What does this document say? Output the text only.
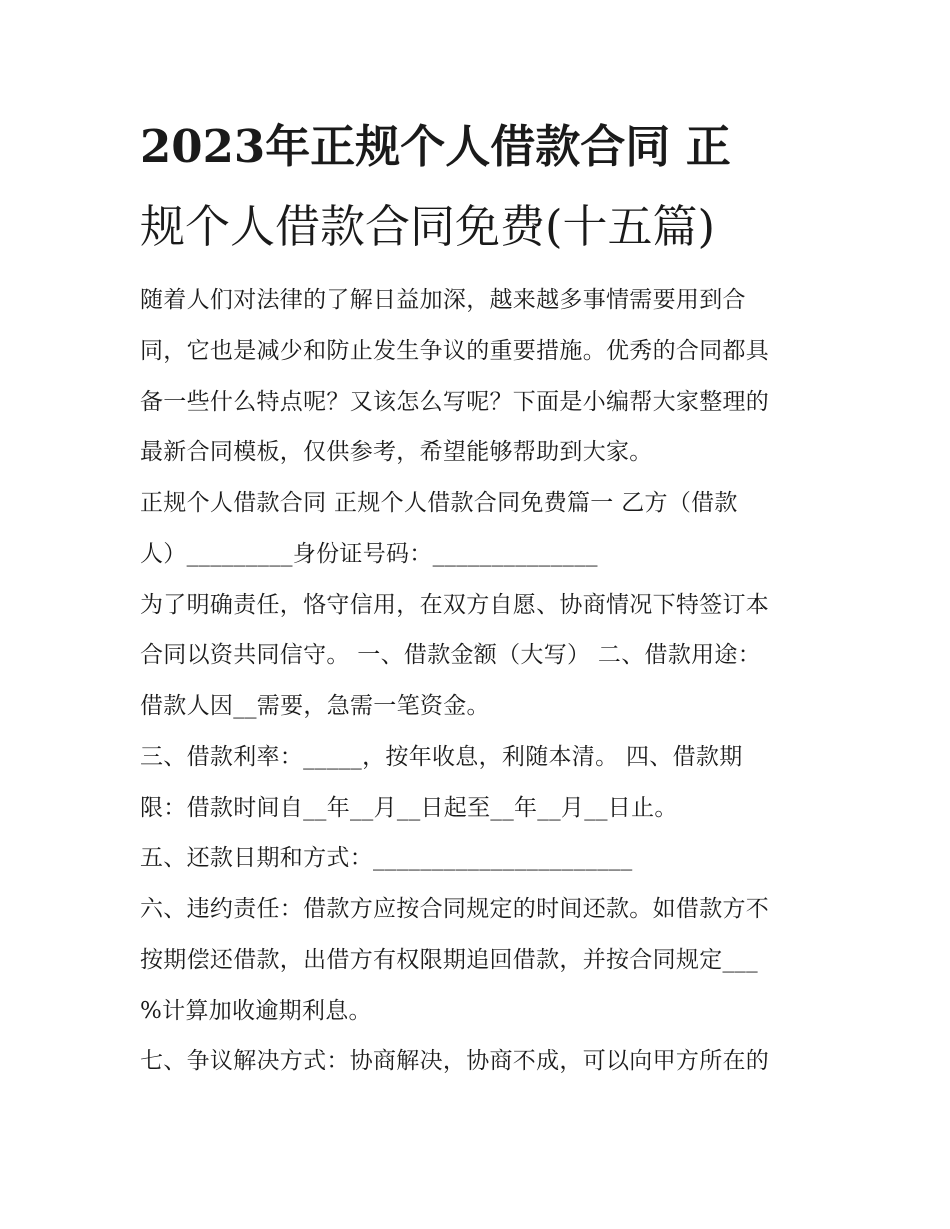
2023年正规个人借款合同 正
规个人借款合同免费(十五篇)
随着人们对法律的了解日益加深，越来越多事情需要用到合
同，它也是减少和防止发生争议的重要措施。优秀的合同都具
备一些什么特点呢？又该怎么写呢？下面是小编帮大家整理的
最新合同模板，仅供参考，希望能够帮助到大家。
正规个人借款合同 正规个人借款合同免费篇一 乙方（借款
人）_________身份证号码：______________
为了明确责任，恪守信用，在双方自愿、协商情况下特签订本
合同以资共同信守。 一、借款金额（大写） 二、借款用途：
借款人因__需要，急需一笔资金。
三、借款利率：_____，按年收息，利随本清。 四、借款期
限：借款时间自__年__月__日起至__年__月__日止。
五、还款日期和方式：______________________
六、违约责任：借款方应按合同规定的时间还款。如借款方不
按期偿还借款，出借方有权限期追回借款，并按合同规定___
%计算加收逾期利息。
七、争议解决方式：协商解决，协商不成，可以向甲方所在的
